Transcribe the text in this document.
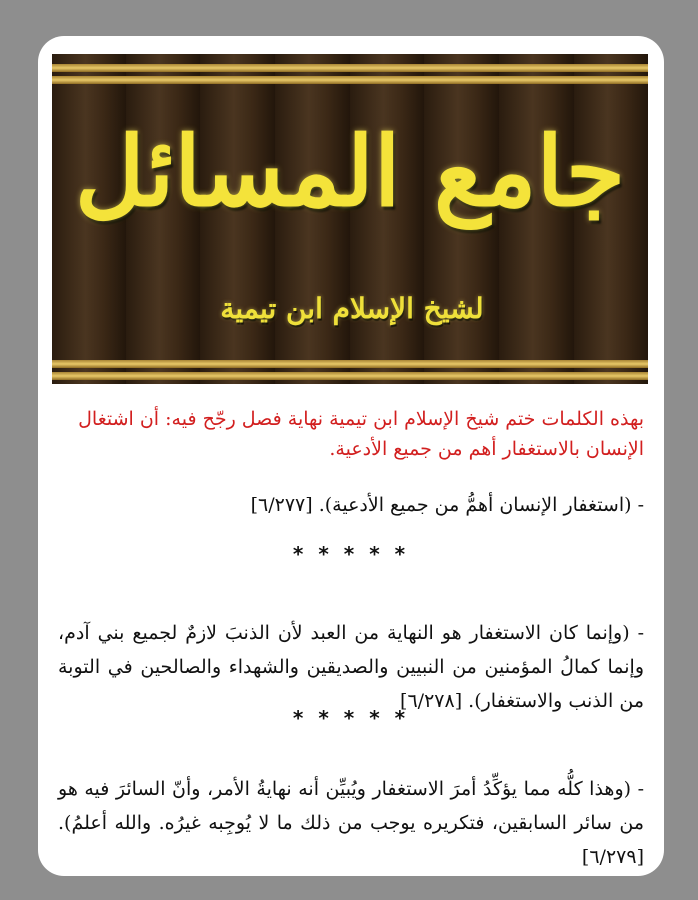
جامع المسائل
لشيخ الإسلام ابن تيمية
بهذه الكلمات ختم شيخ الإسلام ابن تيمية نهاية فصل رجّح فيه: أن اشتغال الإنسان بالاستغفار أهم من جميع الأدعية.
- (استغفار الإنسان أهمُّ من جميع الأدعية). [٦/٢٧٧]
* * * * *
- (وإنما كان الاستغفار هو النهاية من العبد لأن الذنبَ لازمٌ لجميع بني آدم، وإنما كمالُ المؤمنين من النبيين والصديقين والشهداء والصالحين في التوبة من الذنب والاستغفار). [٦/٢٧٨]
* * * * *
- (وهذا كلُّه مما يؤكِّدُ أمرَ الاستغفار ويُبيِّن أنه نهايةُ الأمر، وأنّ السائرَ فيه هو من سائر السابقين، فتكريره يوجب من ذلك ما لا يُوجِبه غيرُه. والله أعلمُ). [٦/٢٧٩]
